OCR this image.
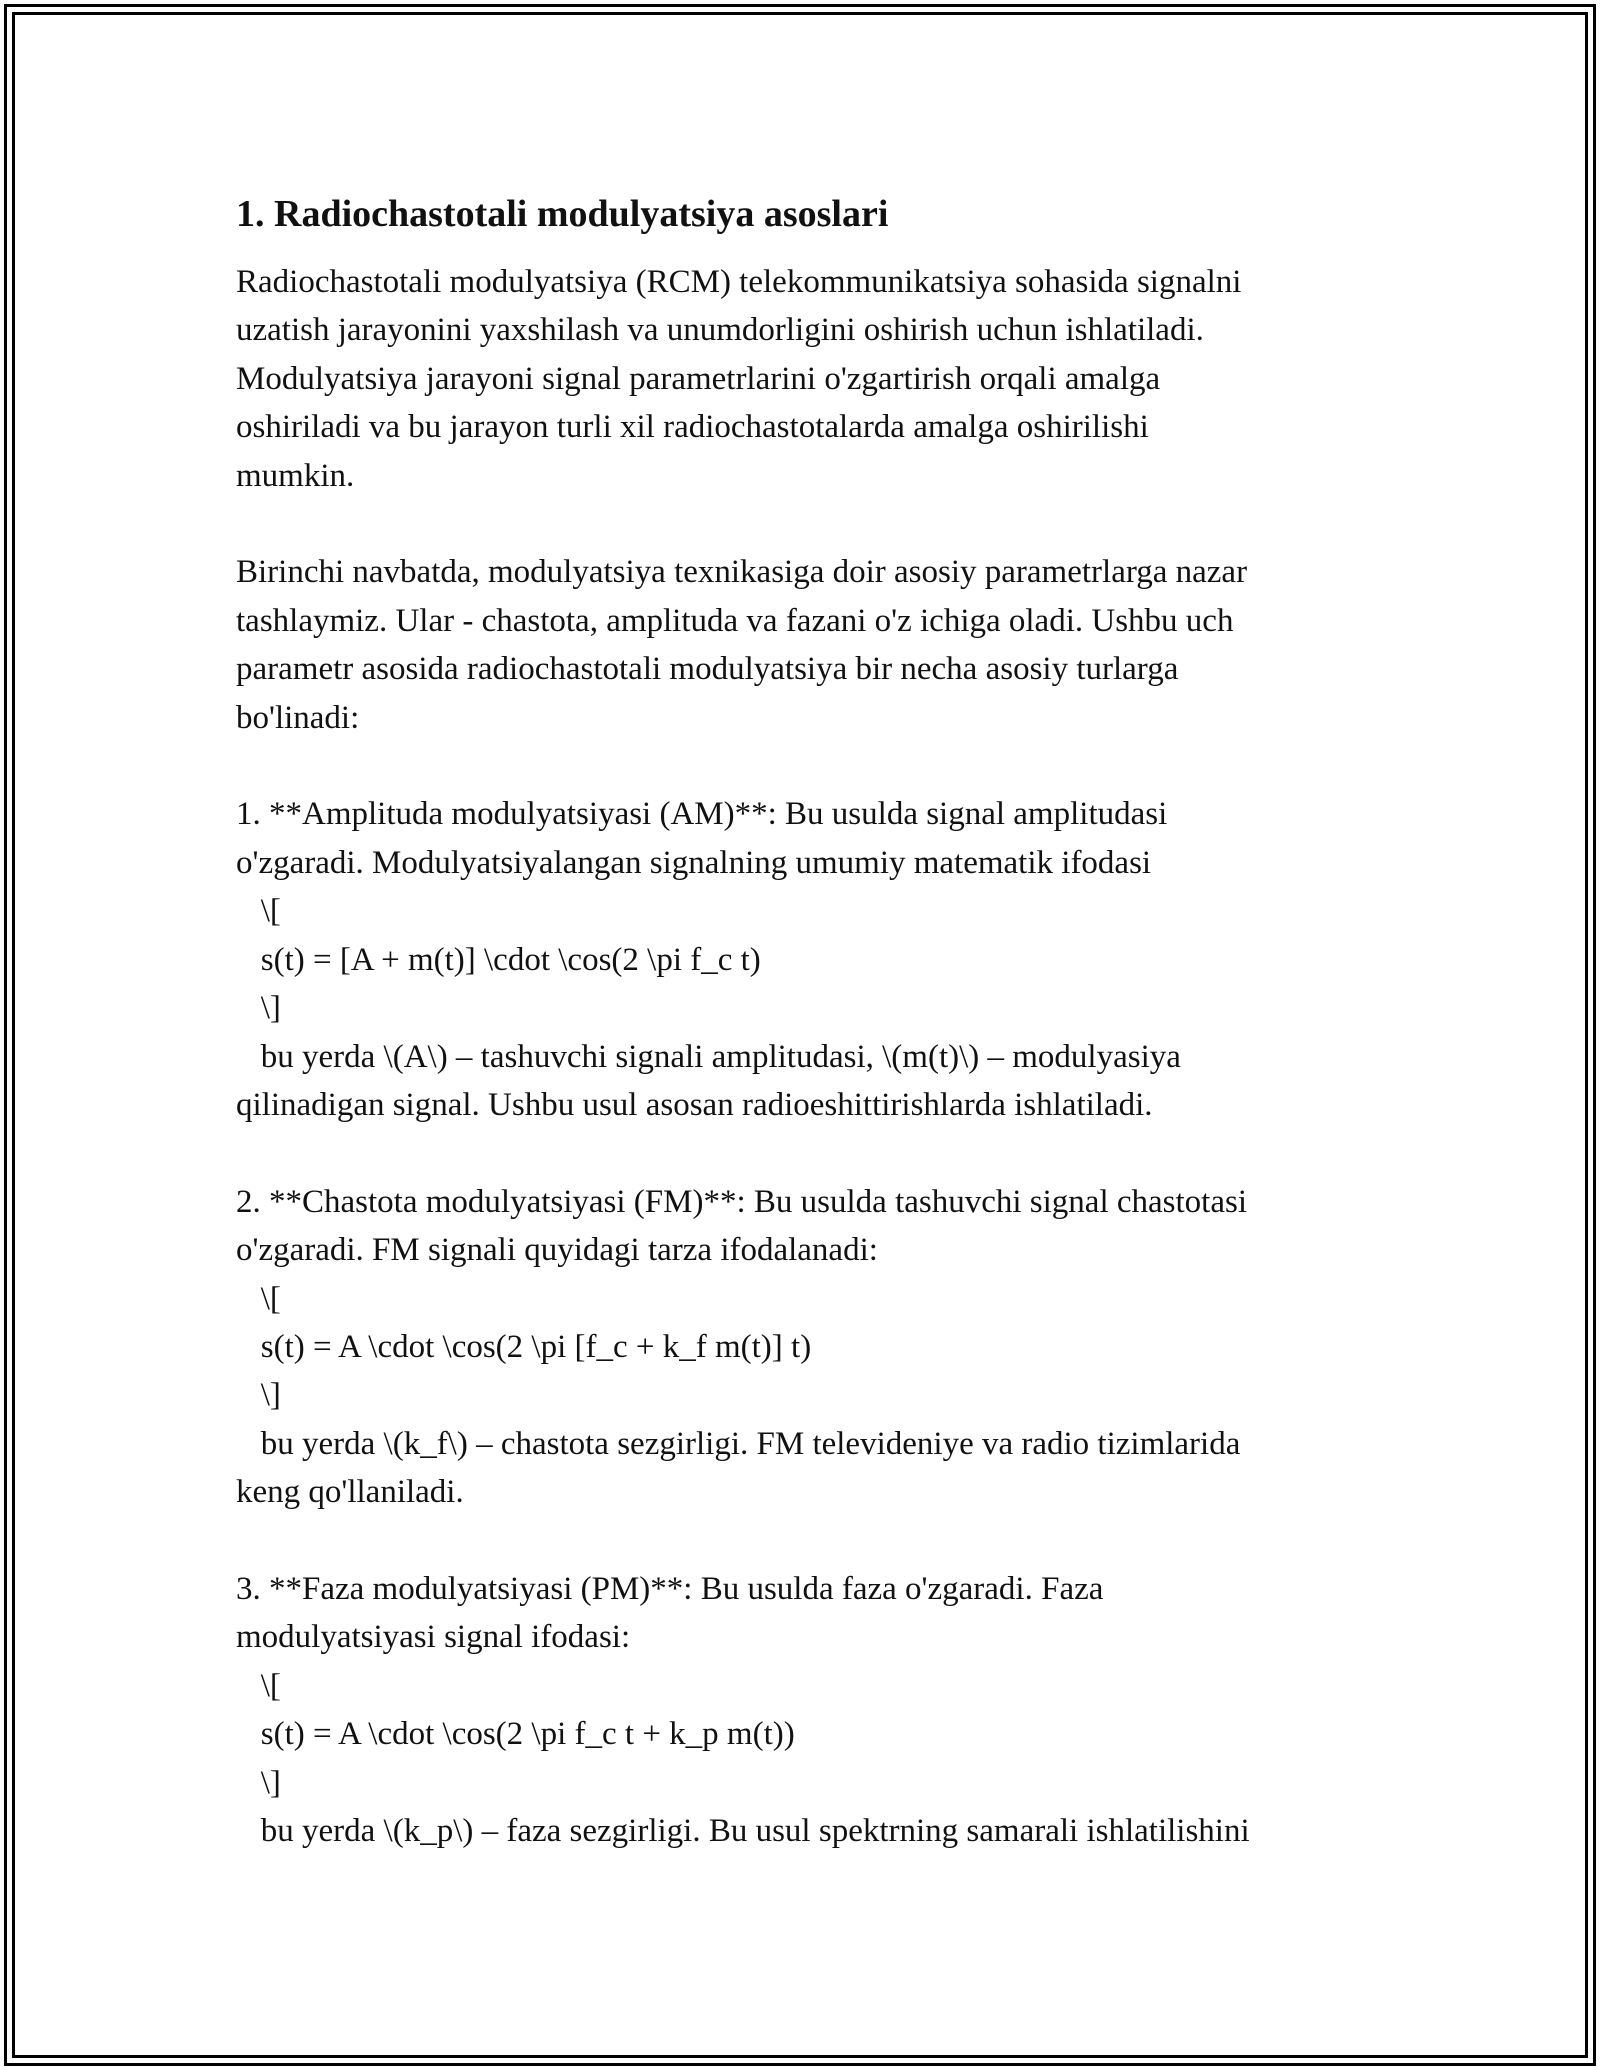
1. Radiochastotali modulyatsiya asoslari

Radiochastotali modulyatsiya (RCM) telekommunikatsiya sohasida signalni
uzatish jarayonini yaxshilash va unumdorligini oshirish uchun ishlatiladi.
Modulyatsiya jarayoni signal parametrlarini o'zgartirish orqali amalga
oshiriladi va bu jarayon turli xil radiochastotalarda amalga oshirilishi
mumkin.

Birinchi navbatda, modulyatsiya texnikasiga doir asosiy parametrlarga nazar
tashlaymiz. Ular - chastota, amplituda va fazani o'z ichiga oladi. Ushbu uch
parametr asosida radiochastotali modulyatsiya bir necha asosiy turlarga
bo'linadi:

1. **Amplituda modulyatsiyasi (AM)**: Bu usulda signal amplitudasi
o'zgaradi. Modulyatsiyalangan signalning umumiy matematik ifodasi
\[
s(t) = [A + m(t)] \cdot \cos(2 \pi f_c t)
\]
bu yerda \(A\) – tashuvchi signali amplitudasi, \(m(t)\) – modulyasiya
qilinadigan signal. Ushbu usul asosan radioeshittirishlarda ishlatiladi.

2. **Chastota modulyatsiyasi (FM)**: Bu usulda tashuvchi signal chastotasi
o'zgaradi. FM signali quyidagi tarza ifodalanadi:
\[
s(t) = A \cdot \cos(2 \pi [f_c + k_f m(t)] t)
\]
bu yerda \(k_f\) – chastota sezgirligi. FM televideniye va radio tizimlarida
keng qo'llaniladi.

3. **Faza modulyatsiyasi (PM)**: Bu usulda faza o'zgaradi. Faza
modulyatsiyasi signal ifodasi:
\[
s(t) = A \cdot \cos(2 \pi f_c t + k_p m(t))
\]
bu yerda \(k_p\) – faza sezgirligi. Bu usul spektrning samarali ishlatilishini
